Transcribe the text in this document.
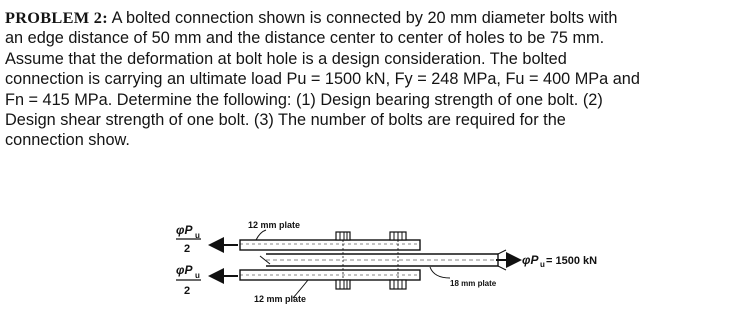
PROBLEM 2: A bolted connection shown is connected by 20 mm diameter bolts with
an edge distance of 50 mm and the distance center to center of holes to be 75 mm.
Assume that the deformation at bolt hole is a design consideration. The bolted
connection is carrying an ultimate load Pu = 1500 kN, Fy = 248 MPa, Fu = 400 MPa and
Fn = 415 MPa. Determine the following: (1) Design bearing strength of one bolt. (2)
Design shear strength of one bolt. (3) The number of bolts are required for the
connection show.
φP u
2
φP u
2
12 mm plate
12 mm plate
18 mm plate
φP u = 1500 kN
